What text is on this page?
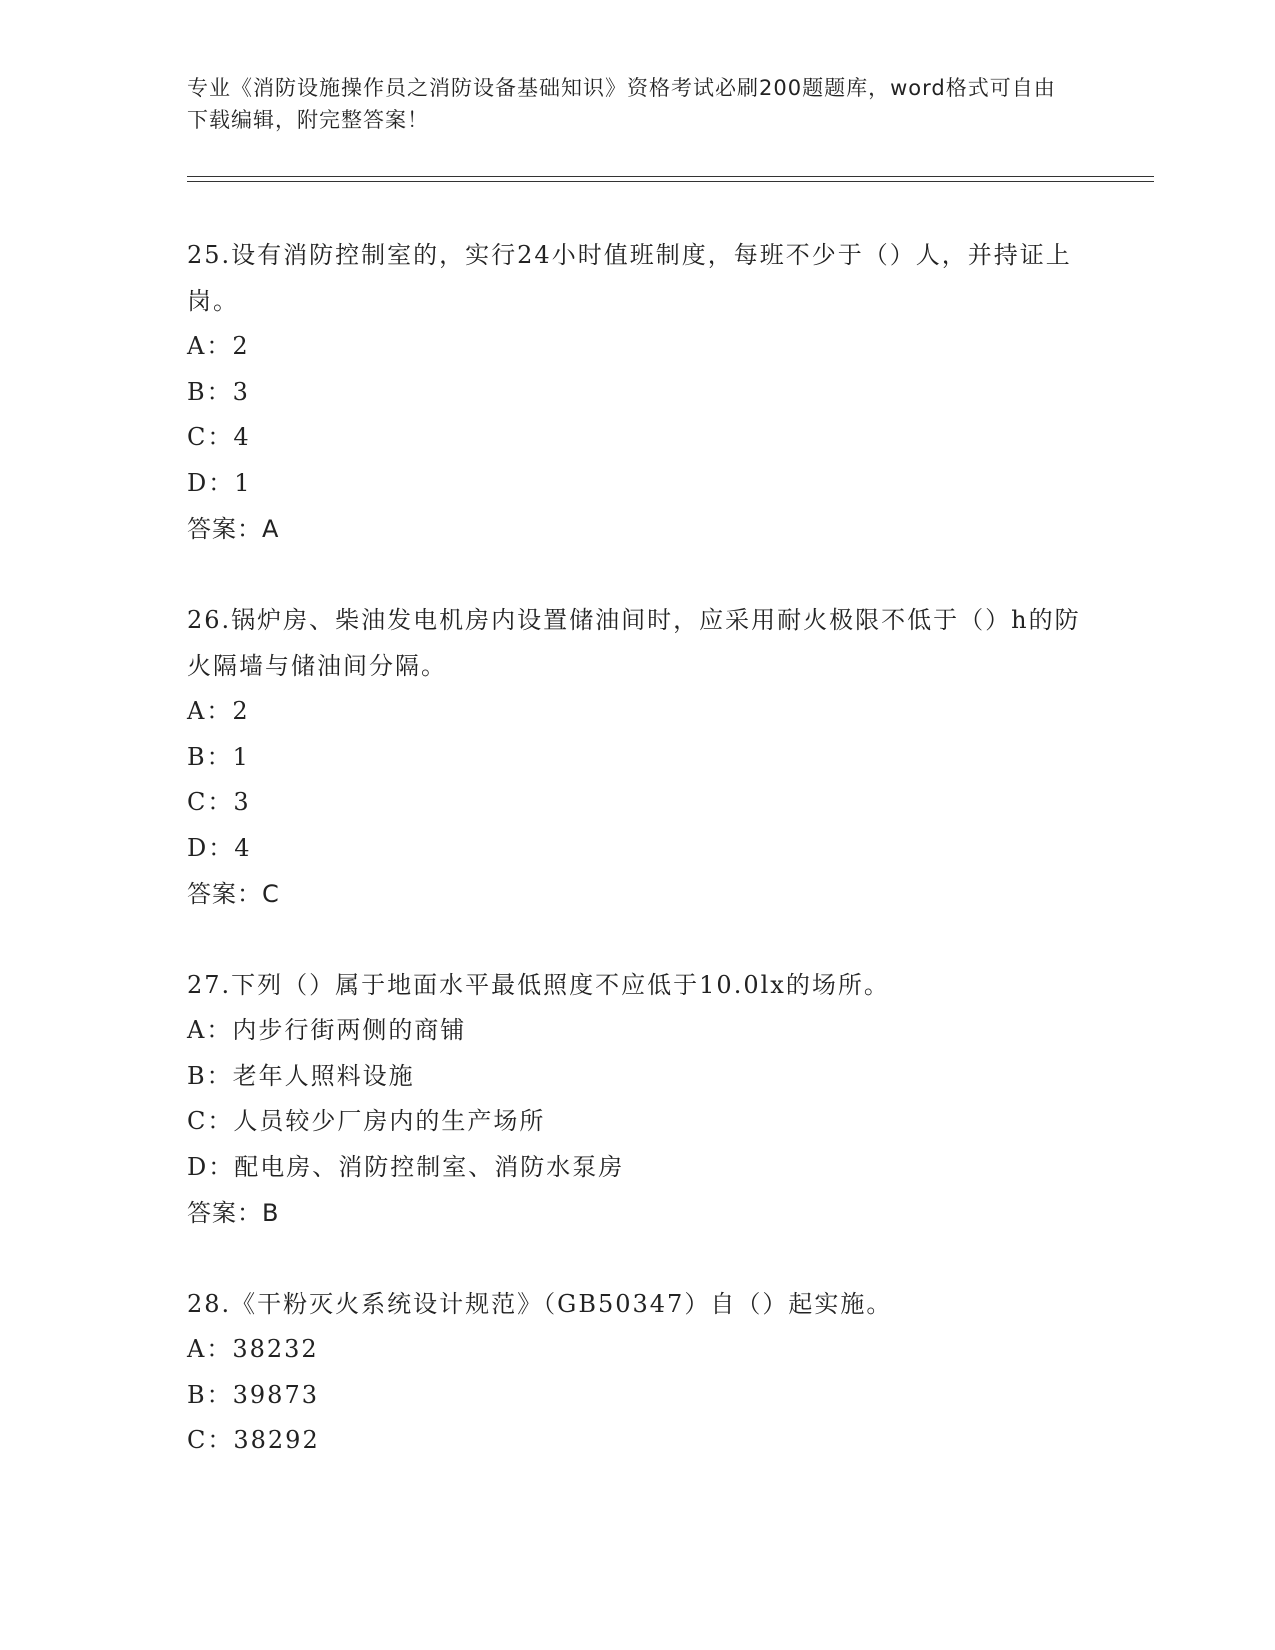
专业《消防设施操作员之消防设备基础知识》资格考试必刷200题题库，word格式可自由下载编辑，附完整答案！
25.设有消防控制室的，实行24小时值班制度，每班不少于（）人，并持证上岗。
A：2
B：3
C：4
D：1
答案：A
26.锅炉房、柴油发电机房内设置储油间时，应采用耐火极限不低于（）h的防火隔墙与储油间分隔。
A：2
B：1
C：3
D：4
答案：C
27.下列（）属于地面水平最低照度不应低于10.0lx的场所。
A：内步行街两侧的商铺
B：老年人照料设施
C：人员较少厂房内的生产场所
D：配电房、消防控制室、消防水泵房
答案：B
28.《干粉灭火系统设计规范》（GB50347）自（）起实施。
A：38232
B：39873
C：38292
